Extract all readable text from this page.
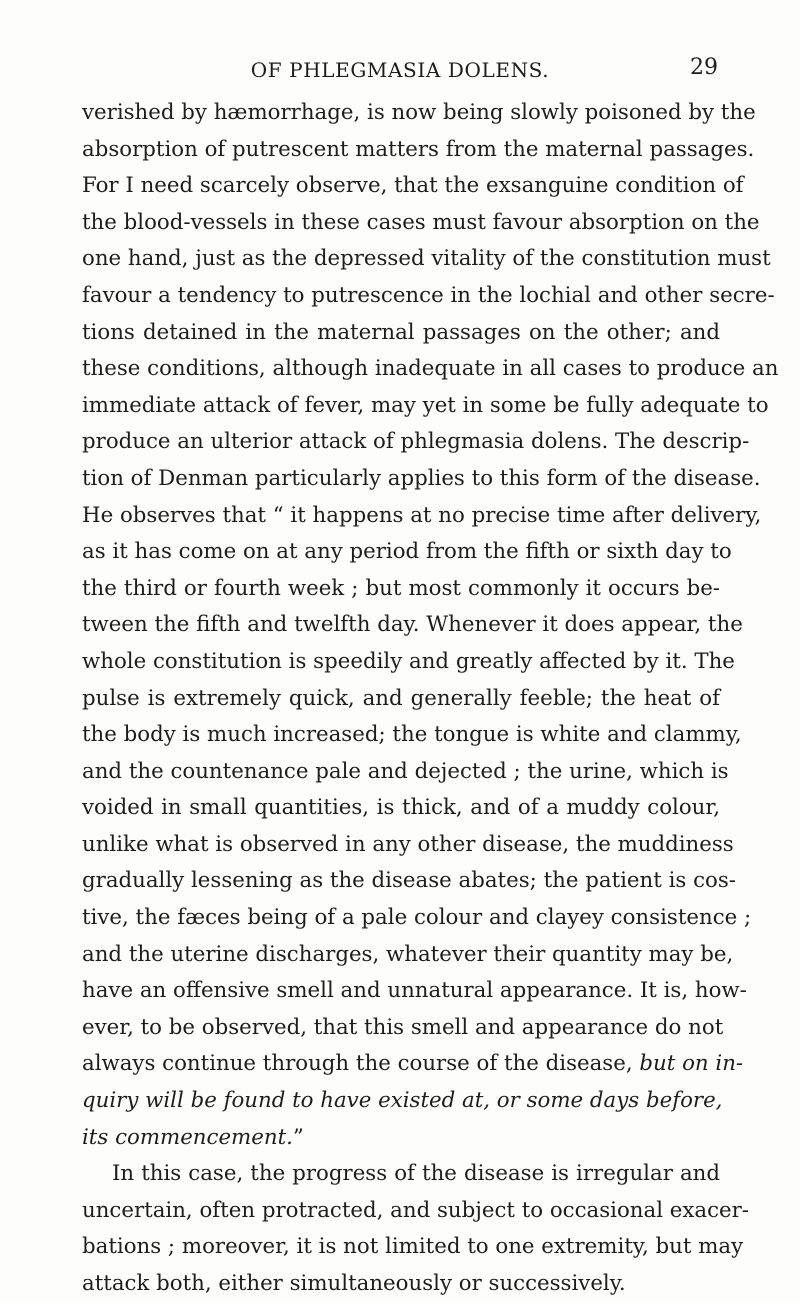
OF PHLEGMASIA DOLENS.	29
verished by hæmorrhage, is now being slowly poisoned by the
absorption of putrescent matters from the maternal passages.
For I need scarcely observe, that the exsanguine condition of
the blood-vessels in these cases must favour absorption on the
one hand, just as the depressed vitality of the constitution must
favour a tendency to putrescence in the lochial and other secre-
tions detained in the maternal passages on the other; and
these conditions, although inadequate in all cases to produce an
immediate attack of fever, may yet in some be fully adequate to
produce an ulterior attack of phlegmasia dolens. The descrip-
tion of Denman particularly applies to this form of the disease.
He observes that “ it happens at no precise time after delivery,
as it has come on at any period from the fifth or sixth day to
the third or fourth week ; but most commonly it occurs be-
tween the fifth and twelfth day. Whenever it does appear, the
whole constitution is speedily and greatly affected by it. The
pulse is extremely quick, and generally feeble; the heat of
the body is much increased; the tongue is white and clammy,
and the countenance pale and dejected ; the urine, which is
voided in small quantities, is thick, and of a muddy colour,
unlike what is observed in any other disease, the muddiness
gradually lessening as the disease abates; the patient is cos-
tive, the fæces being of a pale colour and clayey consistence ;
and the uterine discharges, whatever their quantity may be,
have an offensive smell and unnatural appearance. It is, how-
ever, to be observed, that this smell and appearance do not
always continue through the course of the disease, but on in-
quiry will be found to have existed at, or some days before,
its commencement.”
In this case, the progress of the disease is irregular and
uncertain, often protracted, and subject to occasional exacer-
bations ; moreover, it is not limited to one extremity, but may
attack both, either simultaneously or successively.
